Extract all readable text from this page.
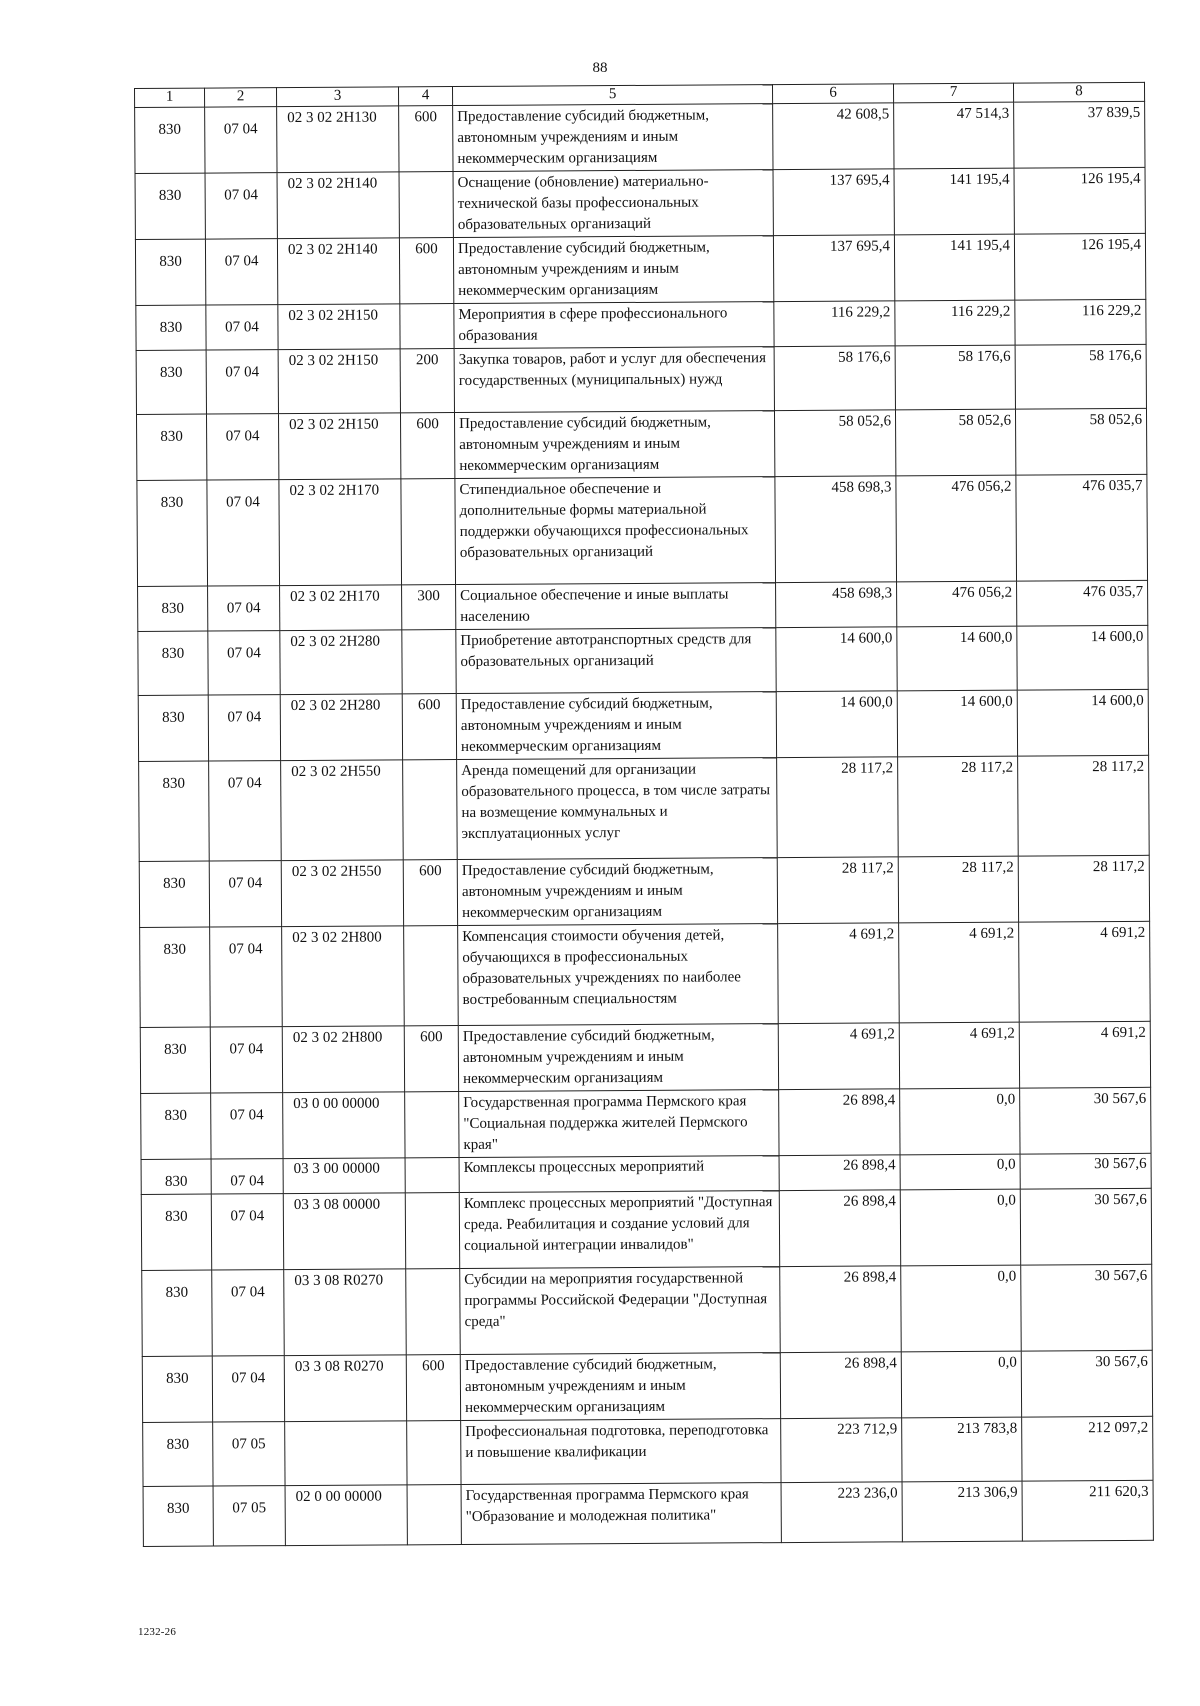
88
1	2	3	4	5	6	7	8
830	07 04	02 3 02 2Н130	600	Предоставление субсидий бюджетным, автономным учреждениям и иным некоммерческим организациям	42 608,5	47 514,3	37 839,5
830	07 04	02 3 02 2Н140		Оснащение (обновление) материально-технической базы профессиональных образовательных организаций	137 695,4	141 195,4	126 195,4
830	07 04	02 3 02 2Н140	600	Предоставление субсидий бюджетным, автономным учреждениям и иным некоммерческим организациям	137 695,4	141 195,4	126 195,4
830	07 04	02 3 02 2Н150		Мероприятия в сфере профессионального образования	116 229,2	116 229,2	116 229,2
830	07 04	02 3 02 2Н150	200	Закупка товаров, работ и услуг для обеспечения государственных (муниципальных) нужд	58 176,6	58 176,6	58 176,6
830	07 04	02 3 02 2Н150	600	Предоставление субсидий бюджетным, автономным учреждениям и иным некоммерческим организациям	58 052,6	58 052,6	58 052,6
830	07 04	02 3 02 2Н170		Стипендиальное обеспечение и дополнительные формы материальной поддержки обучающихся профессиональных образовательных организаций	458 698,3	476 056,2	476 035,7
830	07 04	02 3 02 2Н170	300	Социальное обеспечение и иные выплаты населению	458 698,3	476 056,2	476 035,7
830	07 04	02 3 02 2Н280		Приобретение автотранспортных средств для образовательных организаций	14 600,0	14 600,0	14 600,0
830	07 04	02 3 02 2Н280	600	Предоставление субсидий бюджетным, автономным учреждениям и иным некоммерческим организациям	14 600,0	14 600,0	14 600,0
830	07 04	02 3 02 2Н550		Аренда помещений для организации образовательного процесса, в том числе затраты на возмещение коммунальных и эксплуатационных услуг	28 117,2	28 117,2	28 117,2
830	07 04	02 3 02 2Н550	600	Предоставление субсидий бюджетным, автономным учреждениям и иным некоммерческим организациям	28 117,2	28 117,2	28 117,2
830	07 04	02 3 02 2Н800		Компенсация стоимости обучения детей, обучающихся в профессиональных образовательных учреждениях по наиболее востребованным специальностям	4 691,2	4 691,2	4 691,2
830	07 04	02 3 02 2Н800	600	Предоставление субсидий бюджетным, автономным учреждениям и иным некоммерческим организациям	4 691,2	4 691,2	4 691,2
830	07 04	03 0 00 00000		Государственная программа Пермского края "Социальная поддержка жителей Пермского края"	26 898,4	0,0	30 567,6
830	07 04	03 3 00 00000		Комплексы процессных мероприятий	26 898,4	0,0	30 567,6
830	07 04	03 3 08 00000		Комплекс процессных мероприятий "Доступная среда. Реабилитация и создание условий для социальной интеграции инвалидов"	26 898,4	0,0	30 567,6
830	07 04	03 3 08 R0270		Субсидии на мероприятия государственной программы Российской Федерации "Доступная среда"	26 898,4	0,0	30 567,6
830	07 04	03 3 08 R0270	600	Предоставление субсидий бюджетным, автономным учреждениям и иным некоммерческим организациям	26 898,4	0,0	30 567,6
830	07 05			Профессиональная подготовка, переподготовка и повышение квалификации	223 712,9	213 783,8	212 097,2
830	07 05	02 0 00 00000		Государственная программа Пермского края "Образование и молодежная политика"	223 236,0	213 306,9	211 620,3
1232-26
